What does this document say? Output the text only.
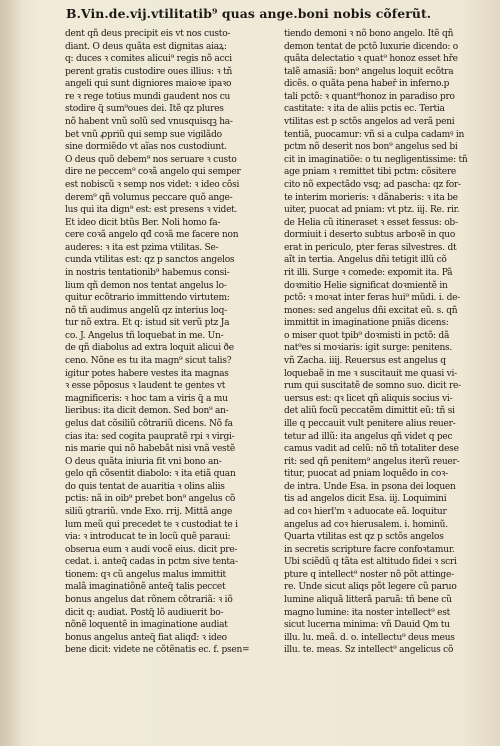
B.Vin.de.vij.vtilitatib⁹ quas ange.boni nobis cõferũt.
dent qñ deus precipit eis vt nos custo-
diant. O deus quãta est dignitas aiaꝝ:
q: duces ꝛ comites alicui⁹ regis nõ acci
perent gratis custodire oues illius: ꝛ tñ
angeli qui sunt digniores maioꝛe ipaꝛo
re ꝛ rege totius mundi gaudent nos cu
stodire q̃ sum⁹oues dei. Itẽ qz plures
nõ habent vnũ solũ sed vnusquisqꝫ ha-
bet vnũ ꝓpriũ qui semp sue vigilãdo
sine dormiẽdo vt aĩas nos custodiunt.
O deus quõ debem⁹ nos seruare ꝛ custo
dire ne peccem⁹ coꝛã angelo qui semper
est nobiscũ ꝛ semp nos videt: ꝛ ideo cõsi
derem⁹ qñ volumus peccare quõ ange-
lus qui ita dign⁹ est: est presens ꝛ videt.
Et ideo dicit btũs Ber. Noli homo fa-
cere coꝛã angelo qđ coꝛã me facere non
auderes: ꝛ ita est pzima vtilitas. Se-
cunda vtilitas est: qz p sanctos angelos
in nostris tentationib⁹ habemus consi-
lium qñ demon nos tentat angelus lo-
quitur ecõtrario immittendo virtutem:
nõ tñ audimus angelũ qz interius loq-
tur nõ extra. Et q: istud sit verũ ptz Ja
co. J. Angelus tñ loquebat in me. Un-
de qñ diabolus ad extra loquit alicui ðe
ceno. Nõne es tu ita magn⁹ sicut talis?
igitur potes habere vestes ita magnas
ꝛ esse põposus ꝛ laudent te gentes vt
magnificeris: ꝛ hoc tam a viris q̃ a mu
lieribus: ita dicit demon. Sed bon⁹ an-
gelus dat cõsiliũ cõtrariũ dicens. Nõ fa
cias ita: sed cogita paupratẽ rpi ꝛ virgi-
nis marie qui nõ habebãt nisi vnã vestẽ
O deus quãta iniuria fit vni bono an-
gelo qñ cõsentit diabolo: ꝛ ita etiã quan
do quis tentat de auaritia ꝛ olins aliis
pctis: nã in oib⁹ prebet bon⁹ angelus cõ
siliũ ꝯtrariũ. vnde Exo. rrij. Mittã ange
lum meũ qui precedet te ꝛ custodiat te i
via: ꝛ introducat te in locũ quẽ paraui:
obserua eum ꝛ audi vocẽ eius. dicit pre-
cedat. i. anteq̃ cadas in pctm sive tenta-
tionem: qꝛ cũ angelus malus immittit
malã imaginatiõnẽ anteq̃ talis peccet
bonus angelus dat rõnem cõtrariã: ꝛ iõ
dicit q: audiat. Postq̃ lõ audiuerit bo-
nõnẽ loquentẽ in imaginatione audiat
bonus angelus anteq̃ fiat aliqđ: ꝛ ideo
bene dicit: videte ne cõtẽnatis ec. f. psen=
tiendo demoni ꝛ nõ bono angelo. Itẽ qñ
demon tentat de pctõ luxurie dicendo: o
quãta delectatio ꝛ quat⁹ honoz esset hře
talẽ amasiã: bon⁹ angelus loquit ecõtra
dicẽs. o quãta pena habeř in inferno.p
tali pctõ: ꝛ quant⁹honoz in paradiso pro
castitate: ꝛ ita de aliis pctis ec. Tertia
vtilitas est p sctõs angelos ad verã peni
tentiã, puocamur: vñ si a culpa cadamꝰ in
pctm nõ deserit nos bon⁹ angelus sed bi
cit in imaginatiõe: o tu negligentissime: tñ
age pniam ꝛ remittet tibi pctm: cõsitere
cito nõ expectãdo vsq; ad pascha: qz for-
te interim morieris: ꝛ dãnaberis: ꝛ ita be
uiter, puocat ad pniam: vt ptz. iij. Re. rir.
de Helia cũ itineraset ꝛ esset fessus: ob-
dormiuit i deserto subtus arboꝛẽ in quo
erat in periculo, pter feras silvestres. dt
aĩt in tertia. Angelus dñi tetigit illũ cõ
rit illi. Surge ꝛ comede: expomit ita. Pã
doꝛmitio Helie significat doꝛmientẽ in
pctõ: ꝛ moꝛat inter feras hui⁹ mũdi. i. de-
mones: sed angelus dñi excitat eũ. s. qñ
immittit in imaginatione pniãs dicens:
o miser quot tpib⁹ doꝛmisti in pctõ: dã
nat⁹es si moꝛiaris: igit surge: penitens.
vñ Zacha. iiij. Reuersus est angelus q
loquebaẽ in me ꝛ suscitauit me quasi vi-
rum qui suscitatẽ de somno suo. dicit re-
uersus est: qꝛ licet qñ aliquis socius vi-
det aliũ focũ peccatẽm dimittit eũ: tñ si
ille q peccauit vult penitere alius reuer-
tetur ad illũ: ita angelus qñ videt q pec
camus vadit ad celũ: nõ tñ totaliter dese
rit: sed qñ penitem⁹ angelus iterũ reuer-
titur, puocat ad pniam loquẽdo in coꝛ-
de intra. Unde Esa. in psona dei loquen
tis ad angelos dicit Esa. iij. Loquimini
ad coꝛ hierl'm ꝛ aduocate eã. loquitur
angelus ad coꝛ hierusalem. i. hominũ.
Quarta vtilitas est qz p sctõs angelos
in secretis scripture facre confoꝛtamur.
Ubi sciẽdũ q tãta est altitudo fidei ꝛ scri
pture q intellect⁹ noster nõ põt attinge-
re. Unde sicut aliqs põt legere cũ paruo
lumine aliquã litterã paruã: tñ bene cũ
magno lumine: ita noster intellect⁹ est
sicut lucerna minima: vñ Dauid Qm tu
illu. lu. meã. d. o. intellectu⁹ deus meus
illu. te. meas. Sz intellect⁹ angelicus cõ
